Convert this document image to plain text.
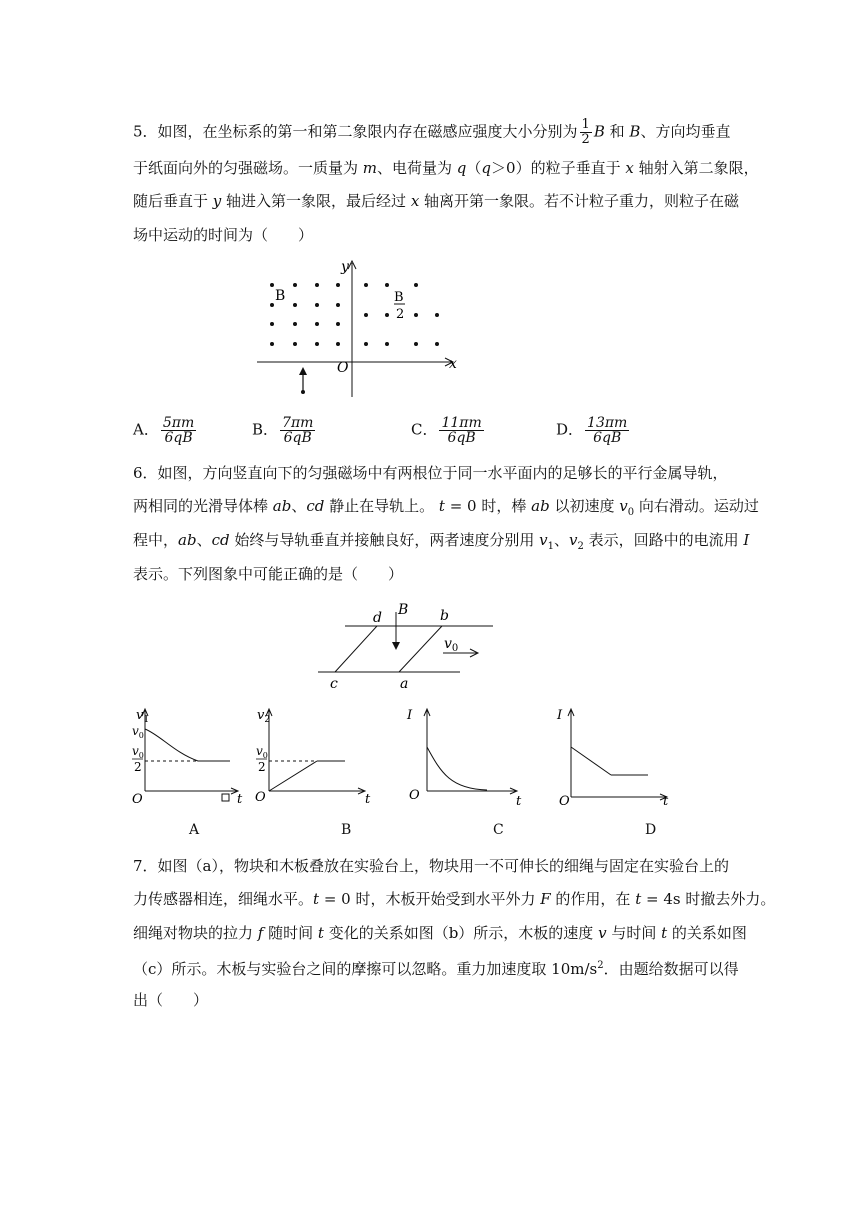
5．如图，在坐标系的第一和第二象限内存在磁感应强度大小分别为 $\frac{1}{2}$ B 和 B、方向均垂直
于纸面向外的匀强磁场。一质量为 m、电荷量为 q（q＞0）的粒子垂直于 x 轴射入第二象限，
随后垂直于 y 轴进入第一象限，最后经过 x 轴离开第一象限。若不计粒子重力，则粒子在磁
场中运动的时间为（　　）
y
x
O
B	B
2
A． $\frac{5\pi m}{6qB}$	B． $\frac{7\pi m}{6qB}$	C． $\frac{11\pi m}{6qB}$	D． $\frac{13\pi m}{6qB}$
6．如图，方向竖直向下的匀强磁场中有两根位于同一水平面内的足够长的平行金属导轨，
两相同的光滑导体棒 ab、cd 静止在导轨上。 t = 0 时，棒 ab 以初速度 $v_0$ 向右滑动。运动过
程中，ab、cd 始终与导轨垂直并接触良好，两者速度分别用 $v_1$、$v_2$ 表示，回路中的电流用 I
表示。下列图象中可能正确的是（　　）
d B b
$v_0$
c	a
$v_1$
$v_0$
$v_0$
2
O	t
$v_2$
$v_0$
2
O	t
I
O	t
I
O	t
A	B	C	D
7．如图（a），物块和木板叠放在实验台上，物块用一不可伸长的细绳与固定在实验台上的
力传感器相连，细绳水平。t = 0 时，木板开始受到水平外力 F 的作用，在 t = 4s 时撤去外力。
细绳对物块的拉力 f 随时间 t 变化的关系如图（b）所示，木板的速度 v 与时间 t 的关系如图
（c）所示。木板与实验台之间的摩擦可以忽略。重力加速度取 $10m/s^2$．由题给数据可以得
出（　　）
